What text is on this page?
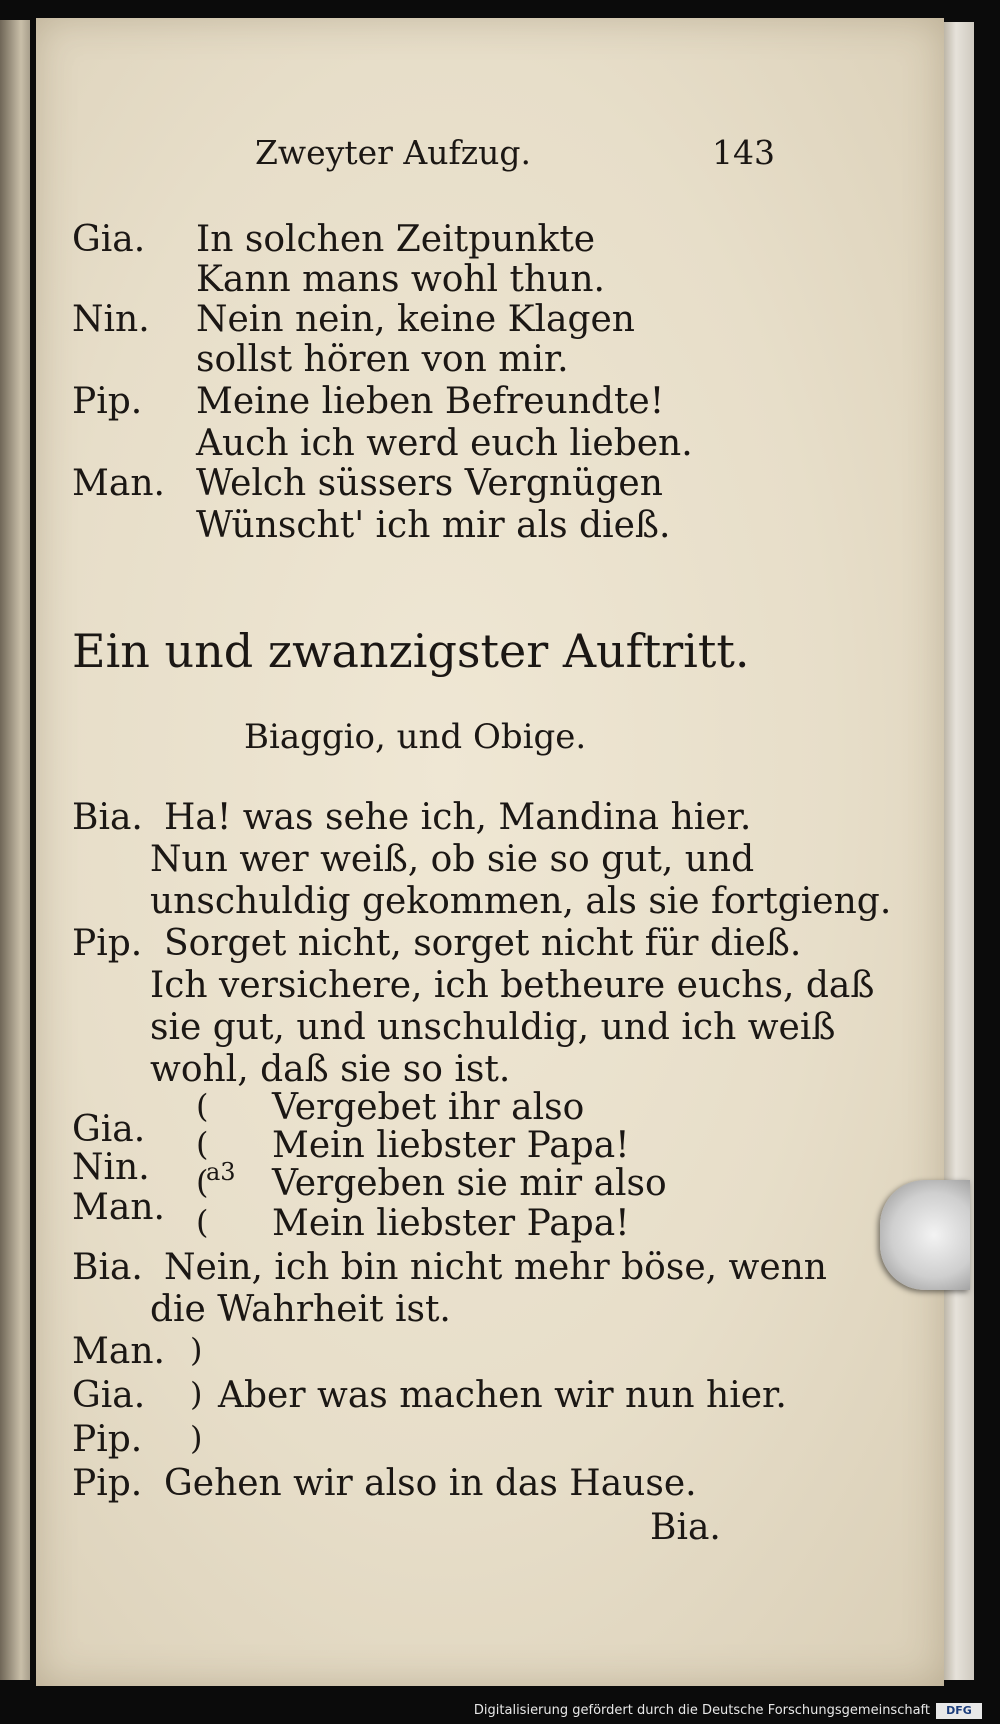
Zweyter Aufzug.	143
Gia. In solchen Zeitpunkte
Kann mans wohl thun.
Nin. Nein nein, keine Klagen
sollst hören von mir.
Pip. Meine lieben Befreundte!
Auch ich werd euch lieben.
Man. Welch süssers Vergnügen
Wünscht' ich mir als dieß.
Ein und zwanzigster Auftritt.
Biaggio, und Obige.
Bia. Ha! was sehe ich, Mandina hier.
Nun wer weiß, ob sie so gut, und
unschuldig gekommen, als sie fortgieng.
Pip. Sorget nicht, sorget nicht für dieß.
Ich versichere, ich betheure euchs, daß
sie gut, und unschuldig, und ich weiß
wohl, daß sie so ist.
Gia.
Nin.
Man.
(
(
(
(
a3
Vergebet ihr also
Mein liebster Papa!
Vergeben sie mir also
Mein liebster Papa!
Bia. Nein, ich bin nicht mehr böse, wenn
die Wahrheit ist.
Man.
Gia.
Pip.
)
)
)
Aber was machen wir nun hier.
Pip. Gehen wir also in das Hause.
Bia.
Digitalisierung gefördert durch die Deutsche Forschungsgemeinschaft	DFG
